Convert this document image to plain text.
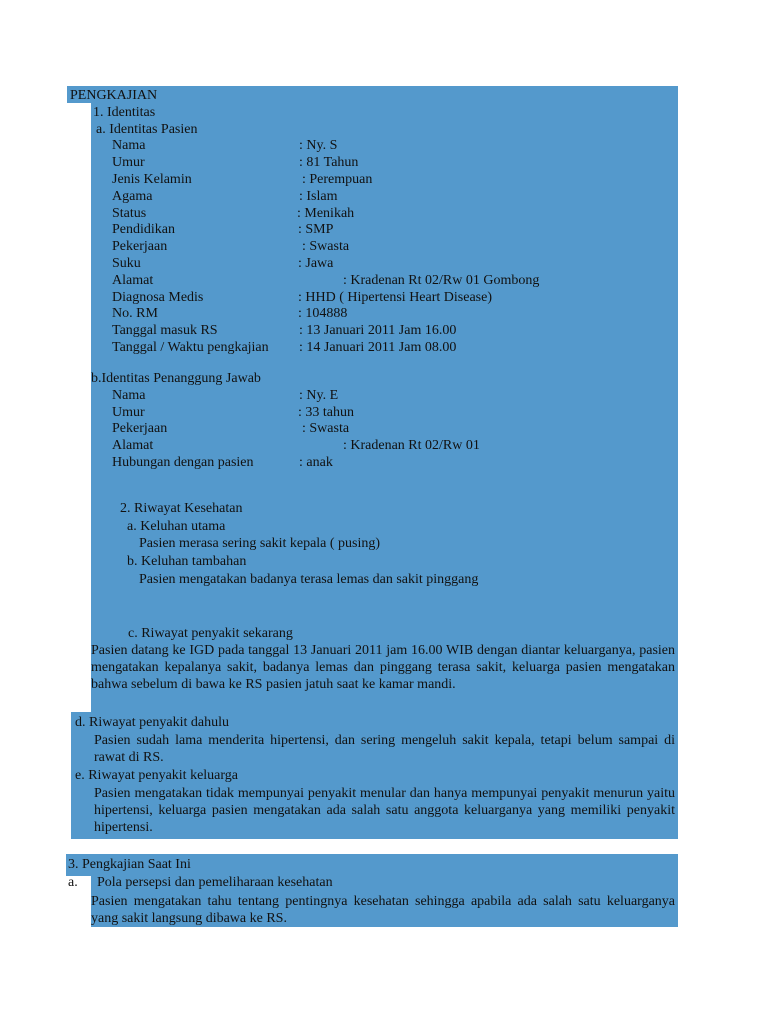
PENGKAJIAN
1. Identitas
a. Identitas Pasien
Nama	: Ny. S
Umur	: 81 Tahun
Jenis Kelamin	: Perempuan
Agama	: Islam
Status	: Menikah
Pendidikan	: SMP
Pekerjaan	: Swasta
Suku	: Jawa
Alamat	: Kradenan Rt 02/Rw 01 Gombong
Diagnosa Medis	: HHD ( Hipertensi Heart Disease)
No. RM	: 104888
Tanggal masuk RS	: 13 Januari 2011 Jam 16.00
Tanggal / Waktu pengkajian : 14 Januari 2011 Jam 08.00
b.Identitas Penanggung Jawab
Nama	: Ny. E
Umur	: 33 tahun
Pekerjaan	: Swasta
Alamat	: Kradenan Rt 02/Rw 01
Hubungan dengan pasien	: anak
2. Riwayat Kesehatan
a. Keluhan utama
Pasien merasa sering sakit kepala ( pusing)
b. Keluhan tambahan
Pasien mengatakan badanya terasa lemas dan sakit pinggang
c. Riwayat penyakit sekarang
Pasien datang ke IGD pada tanggal 13 Januari 2011 jam 16.00 WIB dengan diantar keluarganya, pasien mengatakan kepalanya sakit, badanya lemas dan pinggang terasa sakit, keluarga pasien mengatakan bahwa sebelum di bawa ke RS pasien jatuh saat ke kamar mandi.
d. Riwayat penyakit dahulu
Pasien sudah lama menderita hipertensi, dan sering mengeluh sakit kepala, tetapi belum sampai di rawat di RS.
e. Riwayat penyakit keluarga
Pasien mengatakan tidak mempunyai penyakit menular dan hanya mempunyai penyakit menurun yaitu hipertensi, keluarga pasien mengatakan ada salah satu anggota keluarganya yang memiliki penyakit hipertensi.
3. Pengkajian Saat Ini
a. Pola persepsi dan pemeliharaan kesehatan
Pasien mengatakan tahu tentang pentingnya kesehatan sehingga apabila ada salah satu keluarganya yang sakit langsung dibawa ke RS.
